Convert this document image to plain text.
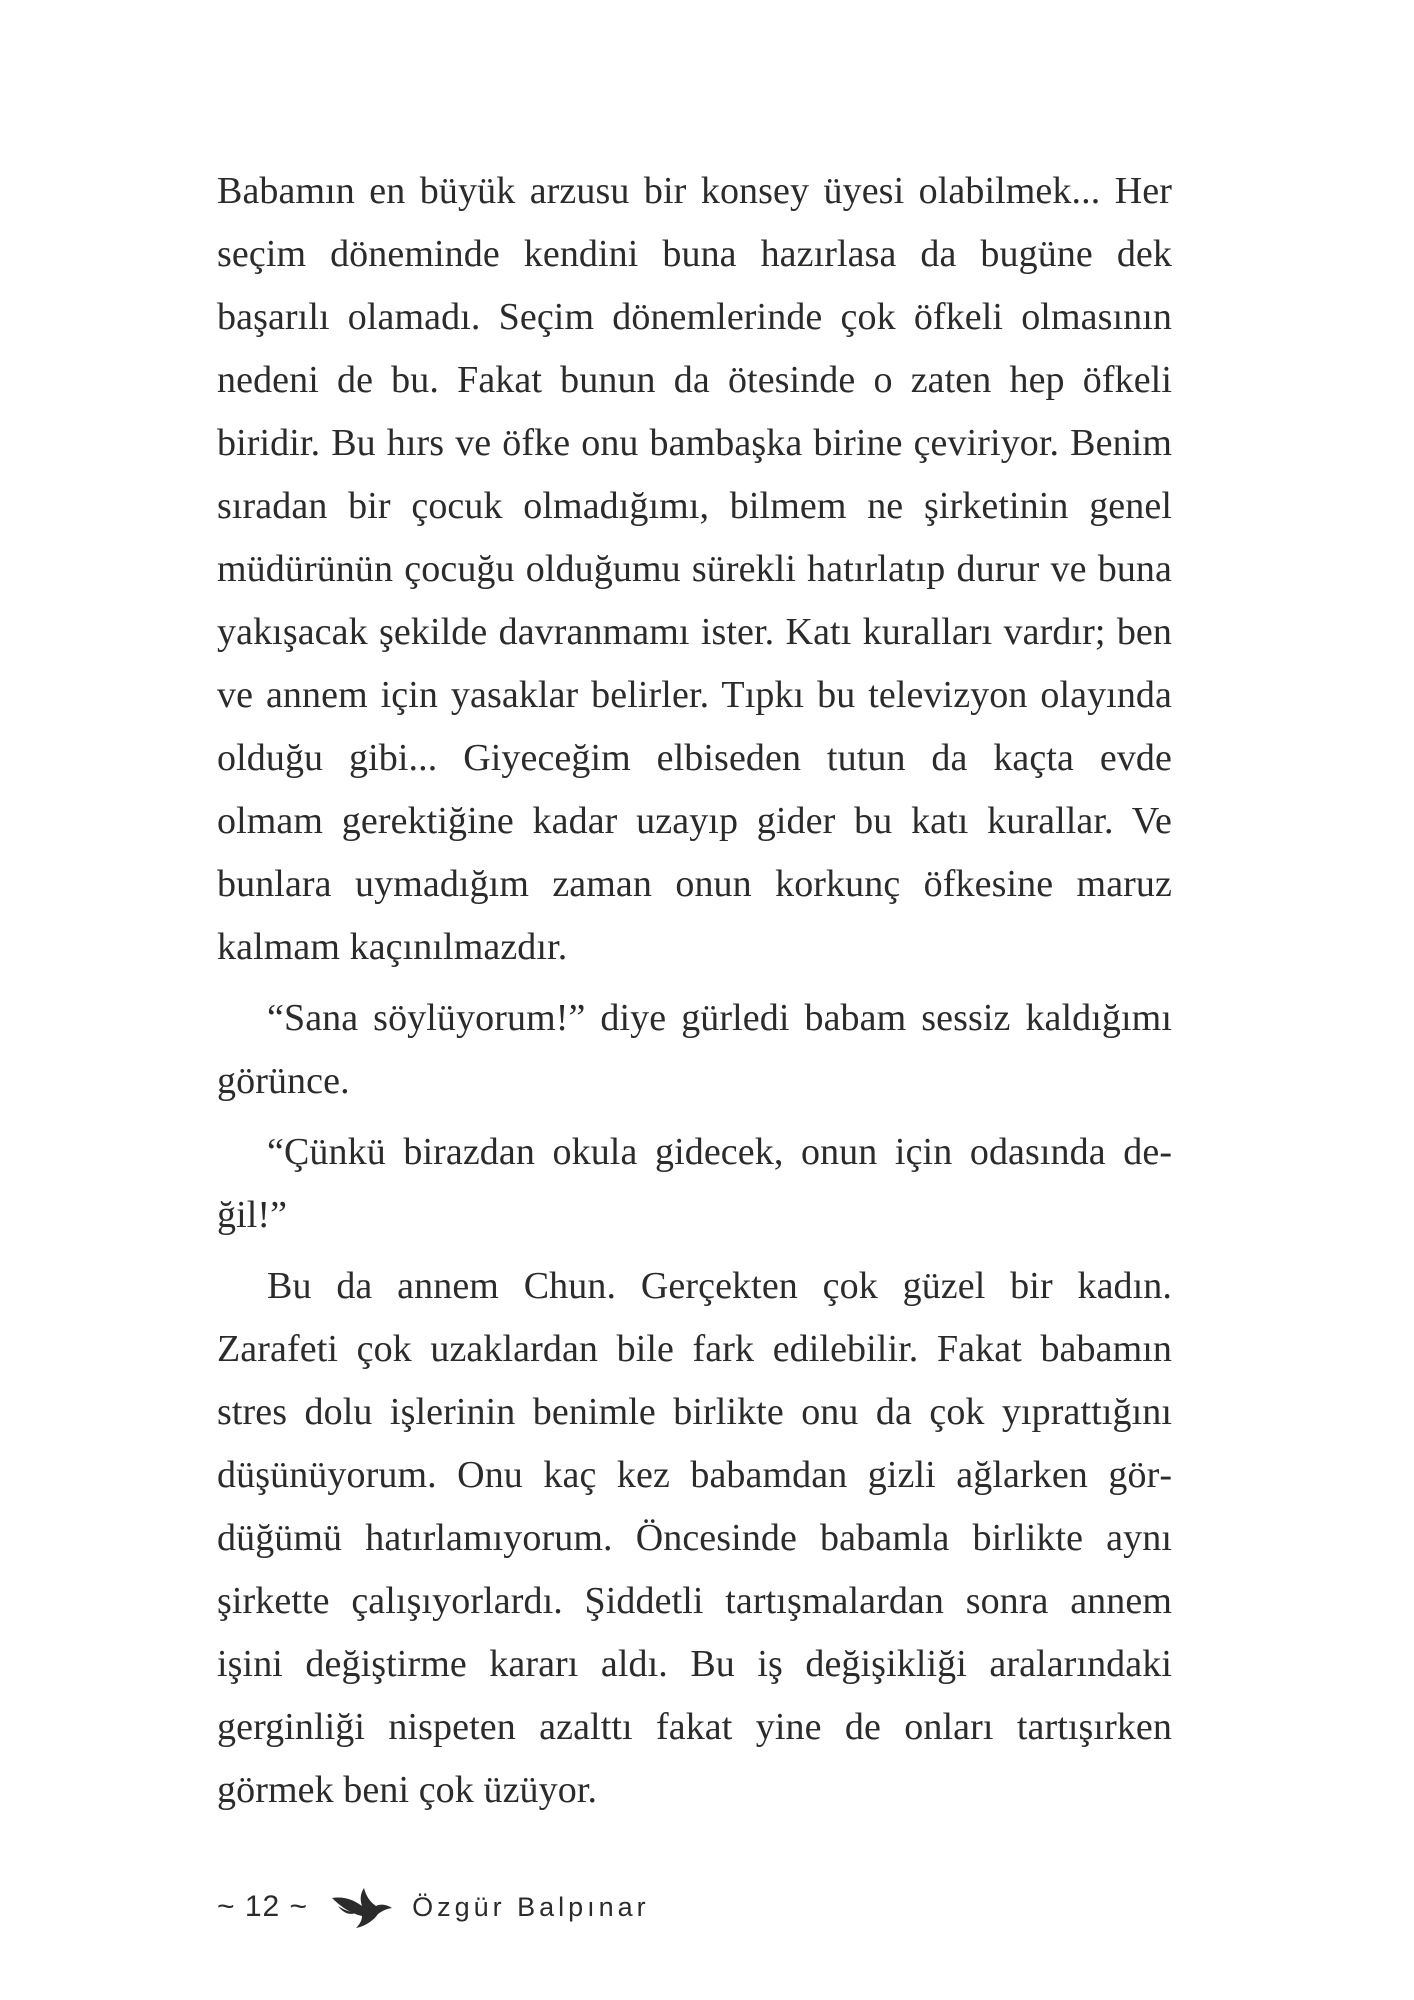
Babamın en büyük arzusu bir konsey üyesi olabilmek... Her seçim döneminde kendini buna hazırlasa da bugüne dek başarılı olamadı. Seçim dönemlerinde çok öfkeli olmasının nedeni de bu. Fakat bunun da ötesinde o zaten hep öfkeli biridir. Bu hırs ve öfke onu bambaşka birine çeviriyor. Benim sıradan bir çocuk olmadığımı, bilmem ne şirketinin genel müdürünün çocuğu olduğumu sürekli hatırlatıp durur ve buna yakışacak şekilde davranmamı ister. Katı kuralları vardır; ben ve annem için yasaklar belirler. Tıpkı bu televizyon olayında olduğu gibi... Giyeceğim elbiseden tutun da kaçta evde olmam gerektiğine kadar uzayıp gider bu katı kurallar. Ve bunlara uymadığım zaman onun korkunç öfkesine maruz kalmam kaçınılmazdır.

“Sana söylüyorum!” diye gürledi babam sessiz kaldığımı görünce.

“Çünkü birazdan okula gidecek, onun için odasında değil!”

Bu da annem Chun. Gerçekten çok güzel bir kadın. Zarafeti çok uzaklardan bile fark edilebilir. Fakat babamın stres dolu işlerinin benimle birlikte onu da çok yıprattığını düşünüyorum. Onu kaç kez babamdan gizli ağlarken gördüğümü hatırlamıyorum. Öncesinde babamla birlikte aynı şirkette çalışıyorlardı. Şiddetli tartışmalardan sonra annem işini değiştirme kararı aldı. Bu iş değişikliği aralarındaki gerginliği nispeten azalttı fakat yine de onları tartışırken görmek beni çok üzüyor.

~ 12 ~	Özgür Balpınar
